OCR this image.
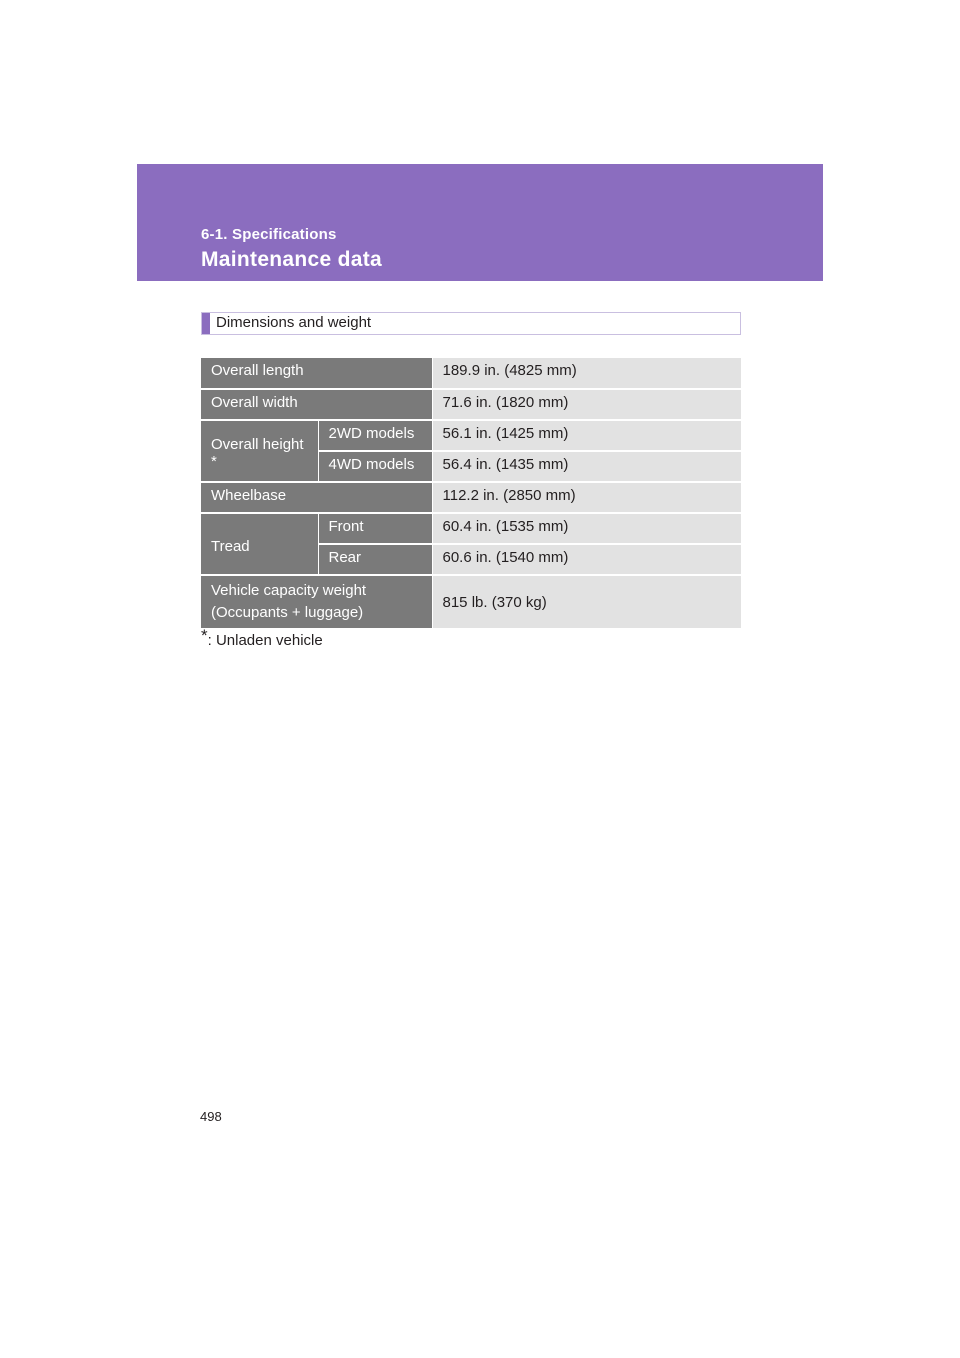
6-1. Specifications
Maintenance data
Dimensions and weight
Overall length		189.9 in. (4825 mm)
Overall width		71.6 in. (1820 mm)
Overall height *	2WD models	56.1 in. (1425 mm)
	4WD models	56.4 in. (1435 mm)
Wheelbase		112.2 in. (2850 mm)
Tread	Front	60.4 in. (1535 mm)
	Rear	60.6 in. (1540 mm)

Vehicle capacity weight
(Occupants + luggage)		815 lb. (370 kg)
*: Unladen vehicle
498
